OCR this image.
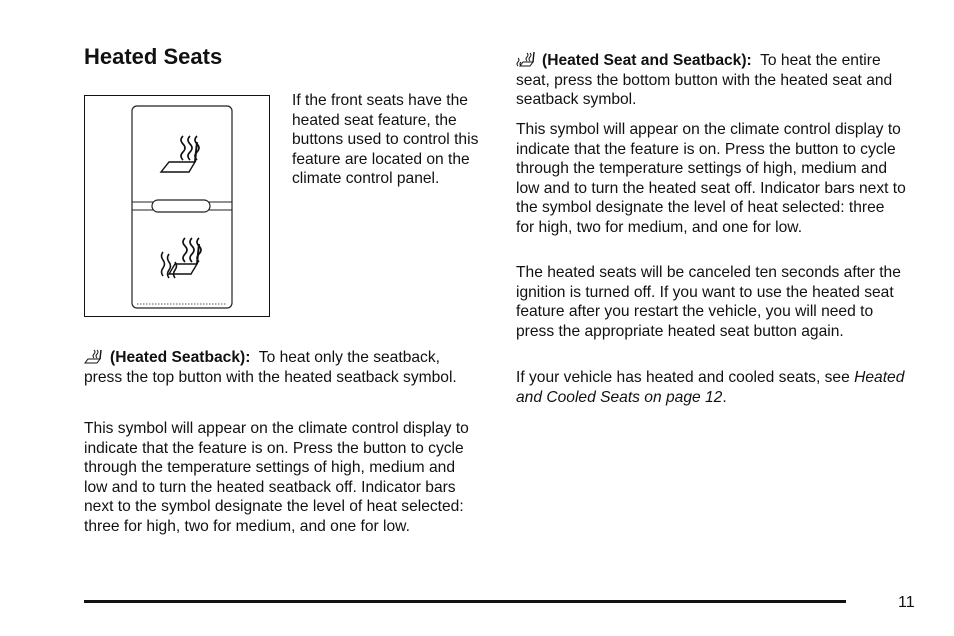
Heated Seats

If the front seats have the heated seat feature, the buttons used to control this feature are located on the climate control panel.

(Heated Seatback): To heat only the seatback, press the top button with the heated seatback symbol.

This symbol will appear on the climate control display to indicate that the feature is on. Press the button to cycle through the temperature settings of high, medium and low and to turn the heated seatback off. Indicator bars next to the symbol designate the level of heat selected: three for high, two for medium, and one for low.

(Heated Seat and Seatback): To heat the entire seat, press the bottom button with the heated seat and seatback symbol.

This symbol will appear on the climate control display to indicate that the feature is on. Press the button to cycle through the temperature settings of high, medium and low and to turn the heated seat off. Indicator bars next to the symbol designate the level of heat selected: three for high, two for medium, and one for low.

The heated seats will be canceled ten seconds after the ignition is turned off. If you want to use the heated seat feature after you restart the vehicle, you will need to press the appropriate heated seat button again.

If your vehicle has heated and cooled seats, see Heated and Cooled Seats on page 12.

11
